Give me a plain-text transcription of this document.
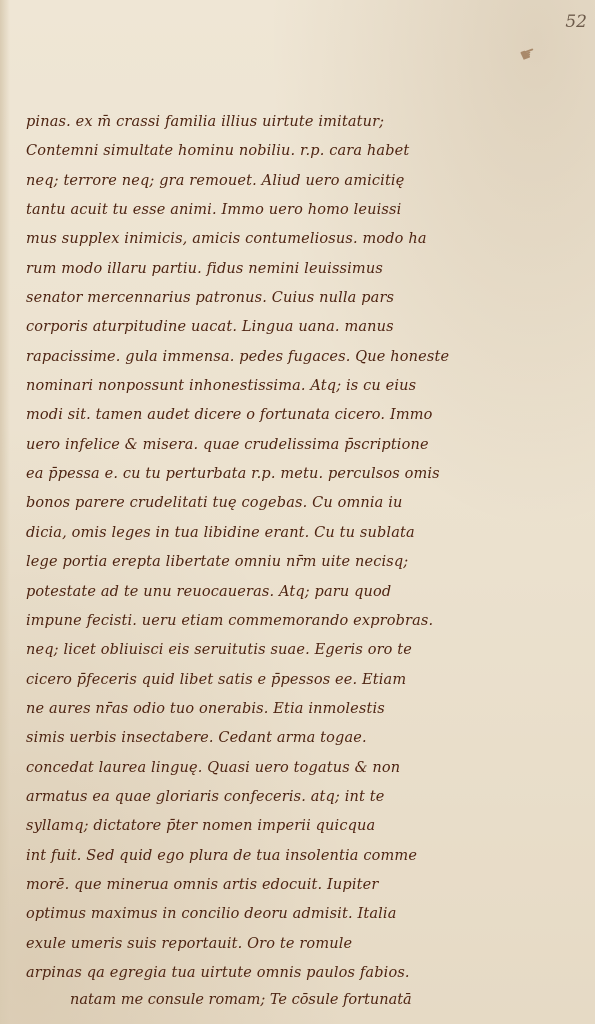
52
☛
pinas. ex m̄ crassi familia illius uirtute imitatur;
Contemni simultate hominu nobiliu. r.p. cara habet
neq; terrore neq; gra remouet. Aliud uero amicitię
tantu acuit tu esse animi. Immo uero homo leuissi
mus supplex inimicis, amicis contumeliosus. modo ha
rum modo illaru partiu. fidus nemini leuissimus
senator mercennarius patronus. Cuius nulla pars
corporis aturpitudine uacat. Lingua uana. manus
rapacissime. gula immensa. pedes fugaces. Que honeste
nominari nonpossunt inhonestissima. Atq; is cu eius
modi sit. tamen audet dicere o fortunata cicero. Immo
uero infelice & misera. quae crudelissima p̄scriptione
ea p̄pessa e. cu tu perturbata r.p. metu. perculsos omis
bonos parere crudelitati tuę cogebas. Cu omnia iu
dicia, omis leges in tua libidine erant. Cu tu sublata
lege portia erepta libertate omniu nr̄m uite necisq;
potestate ad te unu reuocaueras. Atq; paru quod
impune fecisti. ueru etiam commemorando exprobras.
neq; licet obliuisci eis seruitutis suae. Egeris oro te
cicero p̄feceris quid libet satis e p̄pessos ee. Etiam
ne aures nr̄as odio tuo onerabis. Etia inmolestis
simis uerbis insectabere. Cedant arma togae.
concedat laurea linguę. Quasi uero togatus & non
armatus ea quae gloriaris confeceris. atq; int te
syllamq; dictatore p̄ter nomen imperii quicqua
int fuit. Sed quid ego plura de tua insolentia comme
morē. que minerua omnis artis edocuit. Iupiter
optimus maximus in concilio deoru admisit. Italia
exule umeris suis reportauit. Oro te romule
arpinas qa egregia tua uirtute omnis paulos fabios.
natam me consule romam; Te cōsule fortunatā
